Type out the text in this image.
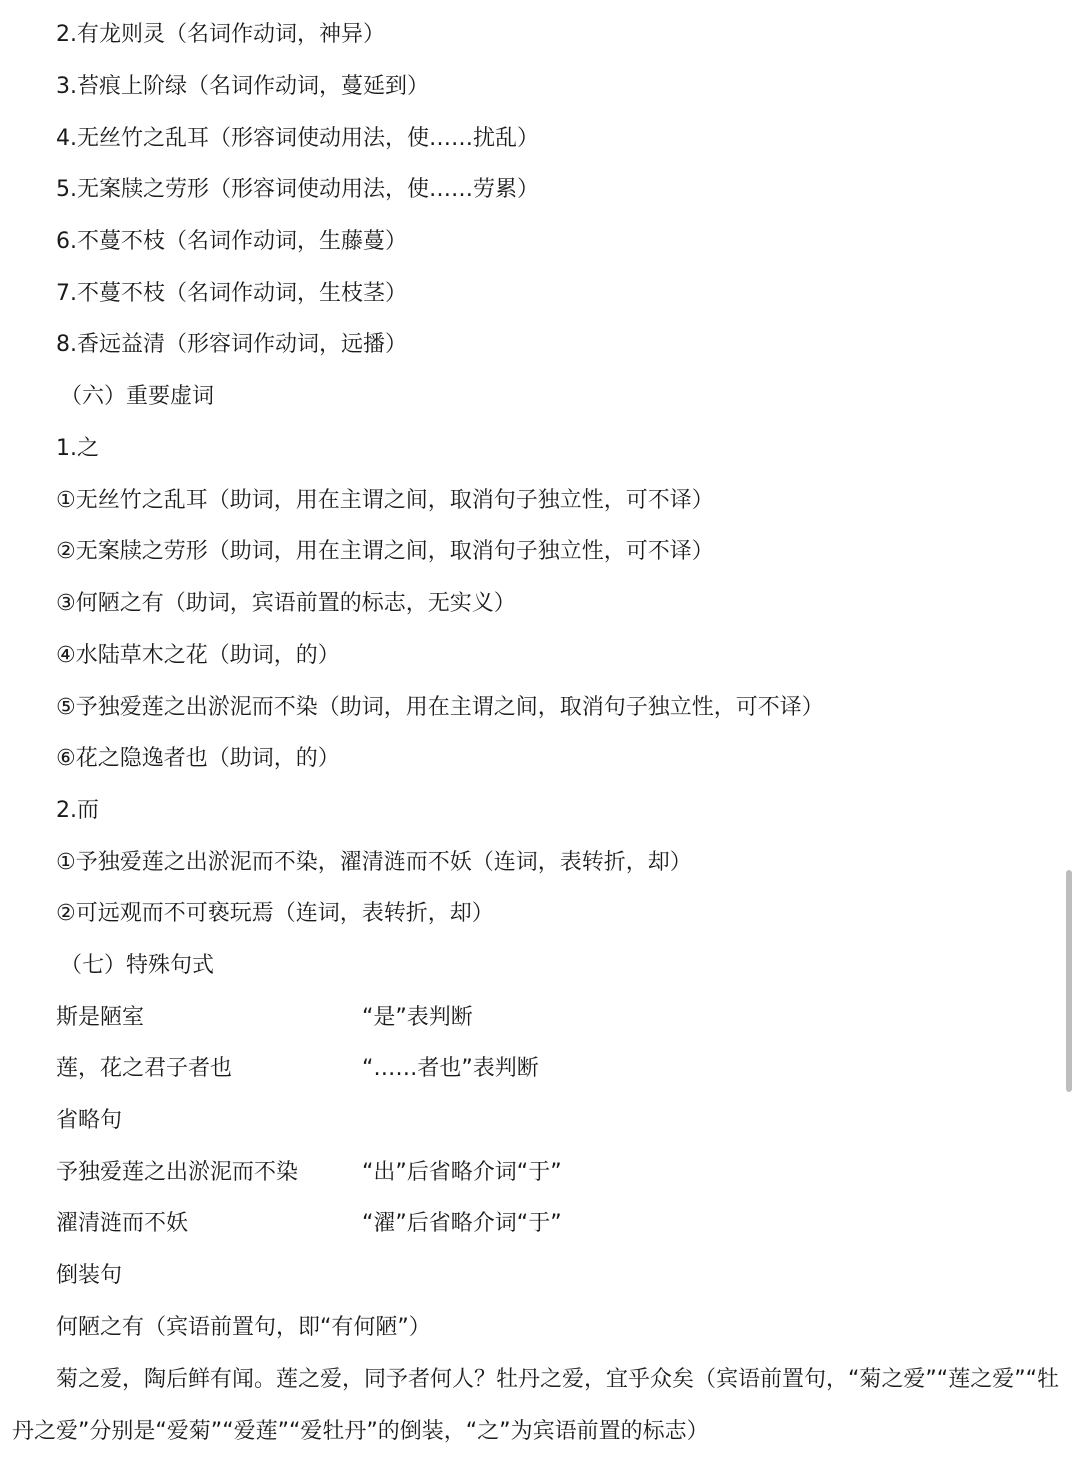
2.有龙则灵（名词作动词，神异）
3.苔痕上阶绿（名词作动词，蔓延到）
4.无丝竹之乱耳（形容词使动用法，使……扰乱）
5.无案牍之劳形（形容词使动用法，使……劳累）
6.不蔓不枝（名词作动词，生藤蔓）
7.不蔓不枝（名词作动词，生枝茎）
8.香远益清（形容词作动词，远播）
（六）重要虚词
1.之
①无丝竹之乱耳（助词，用在主谓之间，取消句子独立性，可不译）
②无案牍之劳形（助词，用在主谓之间，取消句子独立性，可不译）
③何陋之有（助词，宾语前置的标志，无实义）
④水陆草木之花（助词，的）
⑤予独爱莲之出淤泥而不染（助词，用在主谓之间，取消句子独立性，可不译）
⑥花之隐逸者也（助词，的）
2.而
①予独爱莲之出淤泥而不染，濯清涟而不妖（连词，表转折，却）
②可远观而不可亵玩焉（连词，表转折，却）
（七）特殊句式
斯是陋室	“是”表判断
莲，花之君子者也	“……者也”表判断
省略句
予独爱莲之出淤泥而不染	“出”后省略介词“于”
濯清涟而不妖	“濯”后省略介词“于”
倒装句
何陋之有（宾语前置句，即“有何陋”）
菊之爱，陶后鲜有闻。莲之爱，同予者何人？牡丹之爱，宜乎众矣（宾语前置句，“菊之爱”“莲之爱”“牡丹之爱”分别是“爱菊”“爱莲”“爱牡丹”的倒装，“之”为宾语前置的标志）
